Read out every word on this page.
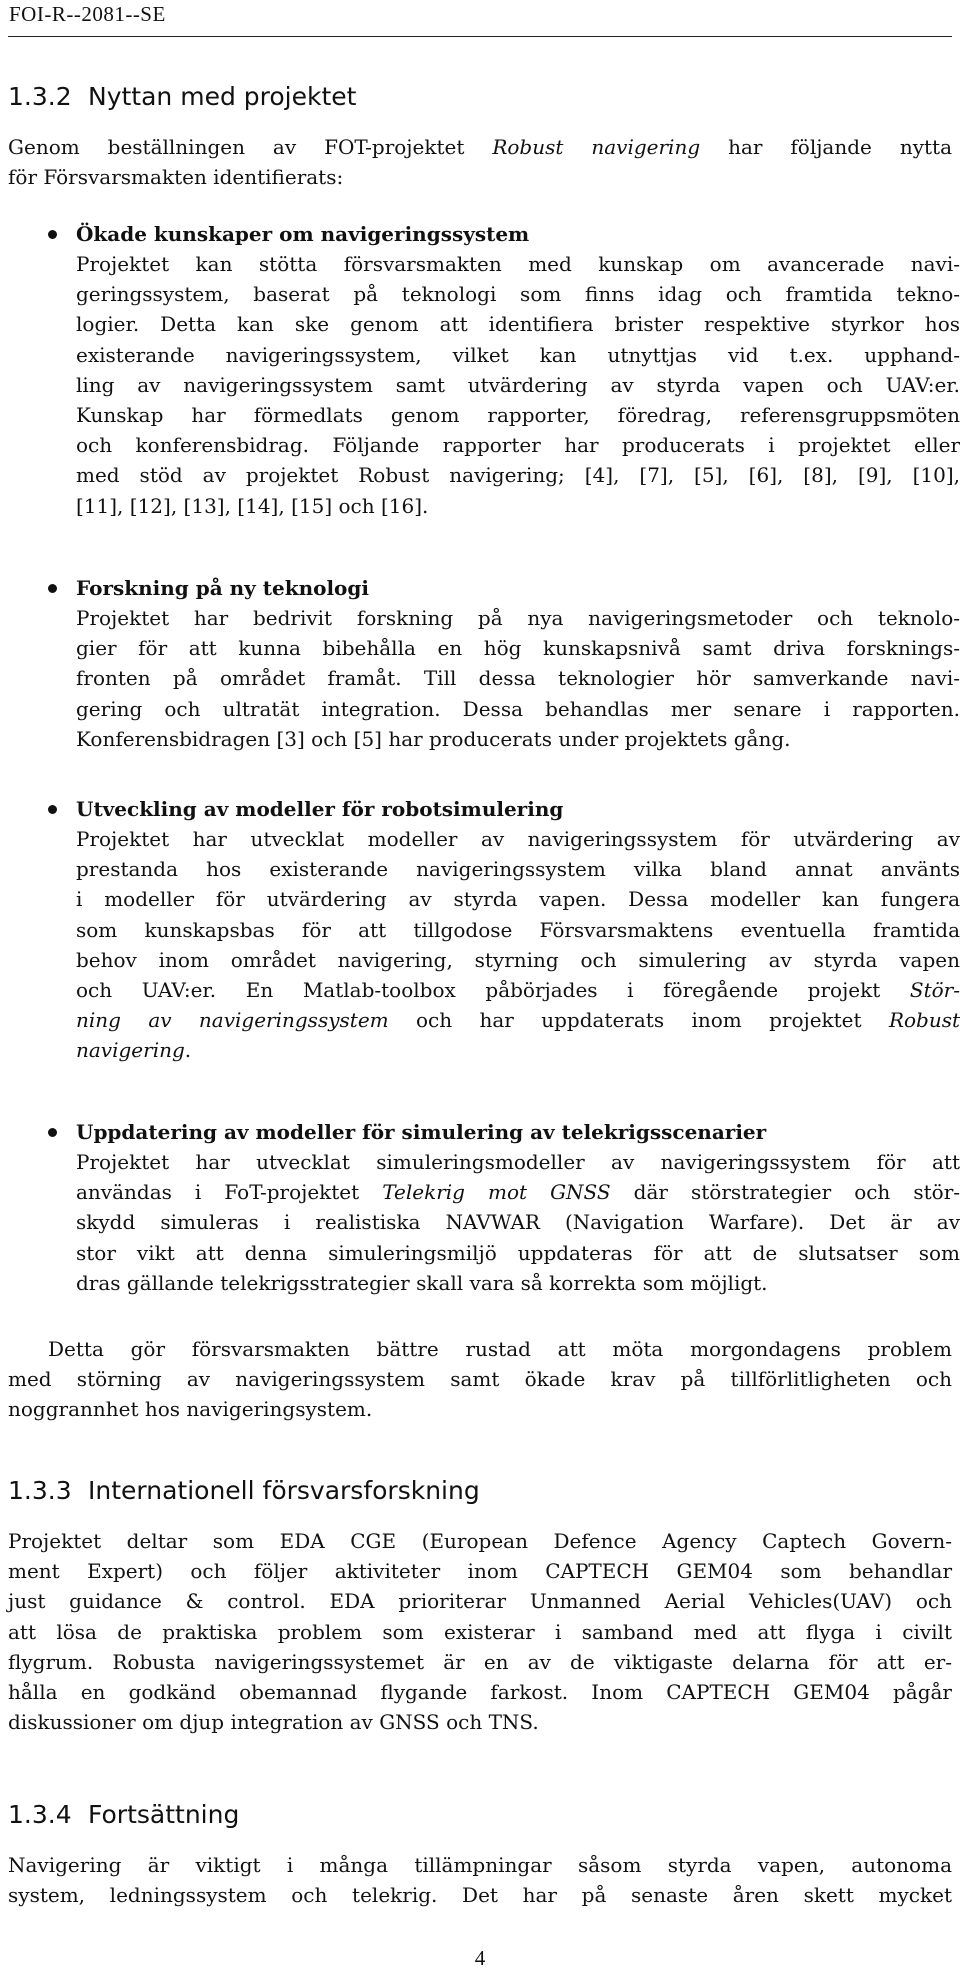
FOI-R--2081--SE
1.3.2 Nyttan med projektet

Genom beställningen av FOT-projektet Robust navigering har följande nytta

för Försvarsmakten identifierats:

Ökade kunskaper om navigeringssystem

Projektet kan stötta försvarsmakten med kunskap om avancerade navi-

geringssystem, baserat på teknologi som finns idag och framtida tekno-

logier. Detta kan ske genom att identifiera brister respektive styrkor hos

existerande navigeringssystem, vilket kan utnyttjas vid t.ex. upphand-

ling av navigeringssystem samt utvärdering av styrda vapen och UAV:er.

Kunskap har förmedlats genom rapporter, föredrag, referensgruppsmöten

och konferensbidrag. Följande rapporter har producerats i projektet eller

med stöd av projektet Robust navigering; [4], [7], [5], [6], [8], [9], [10],

[11], [12], [13], [14], [15] och [16].

Forskning på ny teknologi

Projektet har bedrivit forskning på nya navigeringsmetoder och teknolo-

gier för att kunna bibehålla en hög kunskapsnivå samt driva forsknings-

fronten på området framåt. Till dessa teknologier hör samverkande navi-

gering och ultratät integration. Dessa behandlas mer senare i rapporten.

Konferensbidragen [3] och [5] har producerats under projektets gång.

Utveckling av modeller för robotsimulering

Projektet har utvecklat modeller av navigeringssystem för utvärdering av

prestanda hos existerande navigeringssystem vilka bland annat använts

i modeller för utvärdering av styrda vapen. Dessa modeller kan fungera

som kunskapsbas för att tillgodose Försvarsmaktens eventuella framtida

behov inom området navigering, styrning och simulering av styrda vapen

och UAV:er. En Matlab-toolbox påbörjades i föregående projekt Stör-

ning av navigeringssystem och har uppdaterats inom projektet Robust

navigering.

Uppdatering av modeller för simulering av telekrigsscenarier

Projektet har utvecklat simuleringsmodeller av navigeringssystem för att

användas i FoT-projektet Telekrig mot GNSS där störstrategier och stör-

skydd simuleras i realistiska NAVWAR (Navigation Warfare). Det är av

stor vikt att denna simuleringsmiljö uppdateras för att de slutsatser som

dras gällande telekrigsstrategier skall vara så korrekta som möjligt.

Detta gör försvarsmakten bättre rustad att möta morgondagens problem

med störning av navigeringssystem samt ökade krav på tillförlitligheten och

noggrannhet hos navigeringsystem.

1.3.3 Internationell försvarsforskning

Projektet deltar som EDA CGE (European Defence Agency Captech Govern-

ment Expert) och följer aktiviteter inom CAPTECH GEM04 som behandlar

just guidance & control. EDA prioriterar Unmanned Aerial Vehicles(UAV) och

att lösa de praktiska problem som existerar i samband med att flyga i civilt

flygrum. Robusta navigeringssystemet är en av de viktigaste delarna för att er-

hålla en godkänd obemannad flygande farkost. Inom CAPTECH GEM04 pågår

diskussioner om djup integration av GNSS och TNS.

1.3.4 Fortsättning

Navigering är viktigt i många tillämpningar såsom styrda vapen, autonoma

system, ledningssystem och telekrig. Det har på senaste åren skett mycket

4
